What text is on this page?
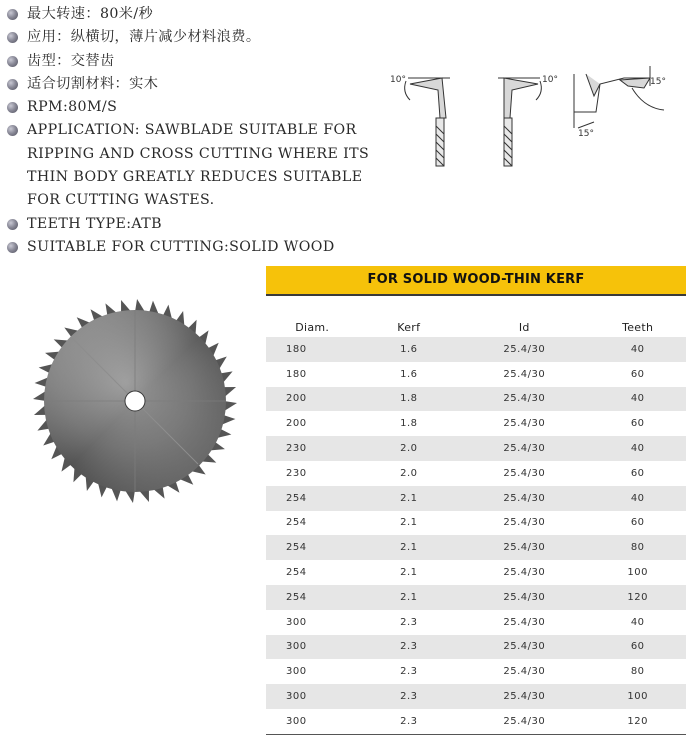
最大转速：80米/秒
应用：纵横切，薄片减少材料浪费。
齿型：交替齿
适合切割材料：实木
RPM:80M/S
APPLICATION: SAWBLADE SUITABLE FOR
RIPPING AND CROSS CUTTING WHERE ITS
THIN BODY GREATLY REDUCES SUITABLE
FOR CUTTING WASTES.
TEETH TYPE:ATB
SUITABLE FOR CUTTING:SOLID WOOD
10°	10°	15°
15°
FOR SOLID WOOD-THIN KERF
Diam.	Kerf	Id	Teeth
180	1.6	25.4/30	40
180	1.6	25.4/30	60
200	1.8	25.4/30	40
200	1.8	25.4/30	60
230	2.0	25.4/30	40
230	2.0	25.4/30	60
254	2.1	25.4/30	40
254	2.1	25.4/30	60
254	2.1	25.4/30	80
254	2.1	25.4/30	100
254	2.1	25.4/30	120
300	2.3	25.4/30	40
300	2.3	25.4/30	60
300	2.3	25.4/30	80
300	2.3	25.4/30	100
300	2.3	25.4/30	120
